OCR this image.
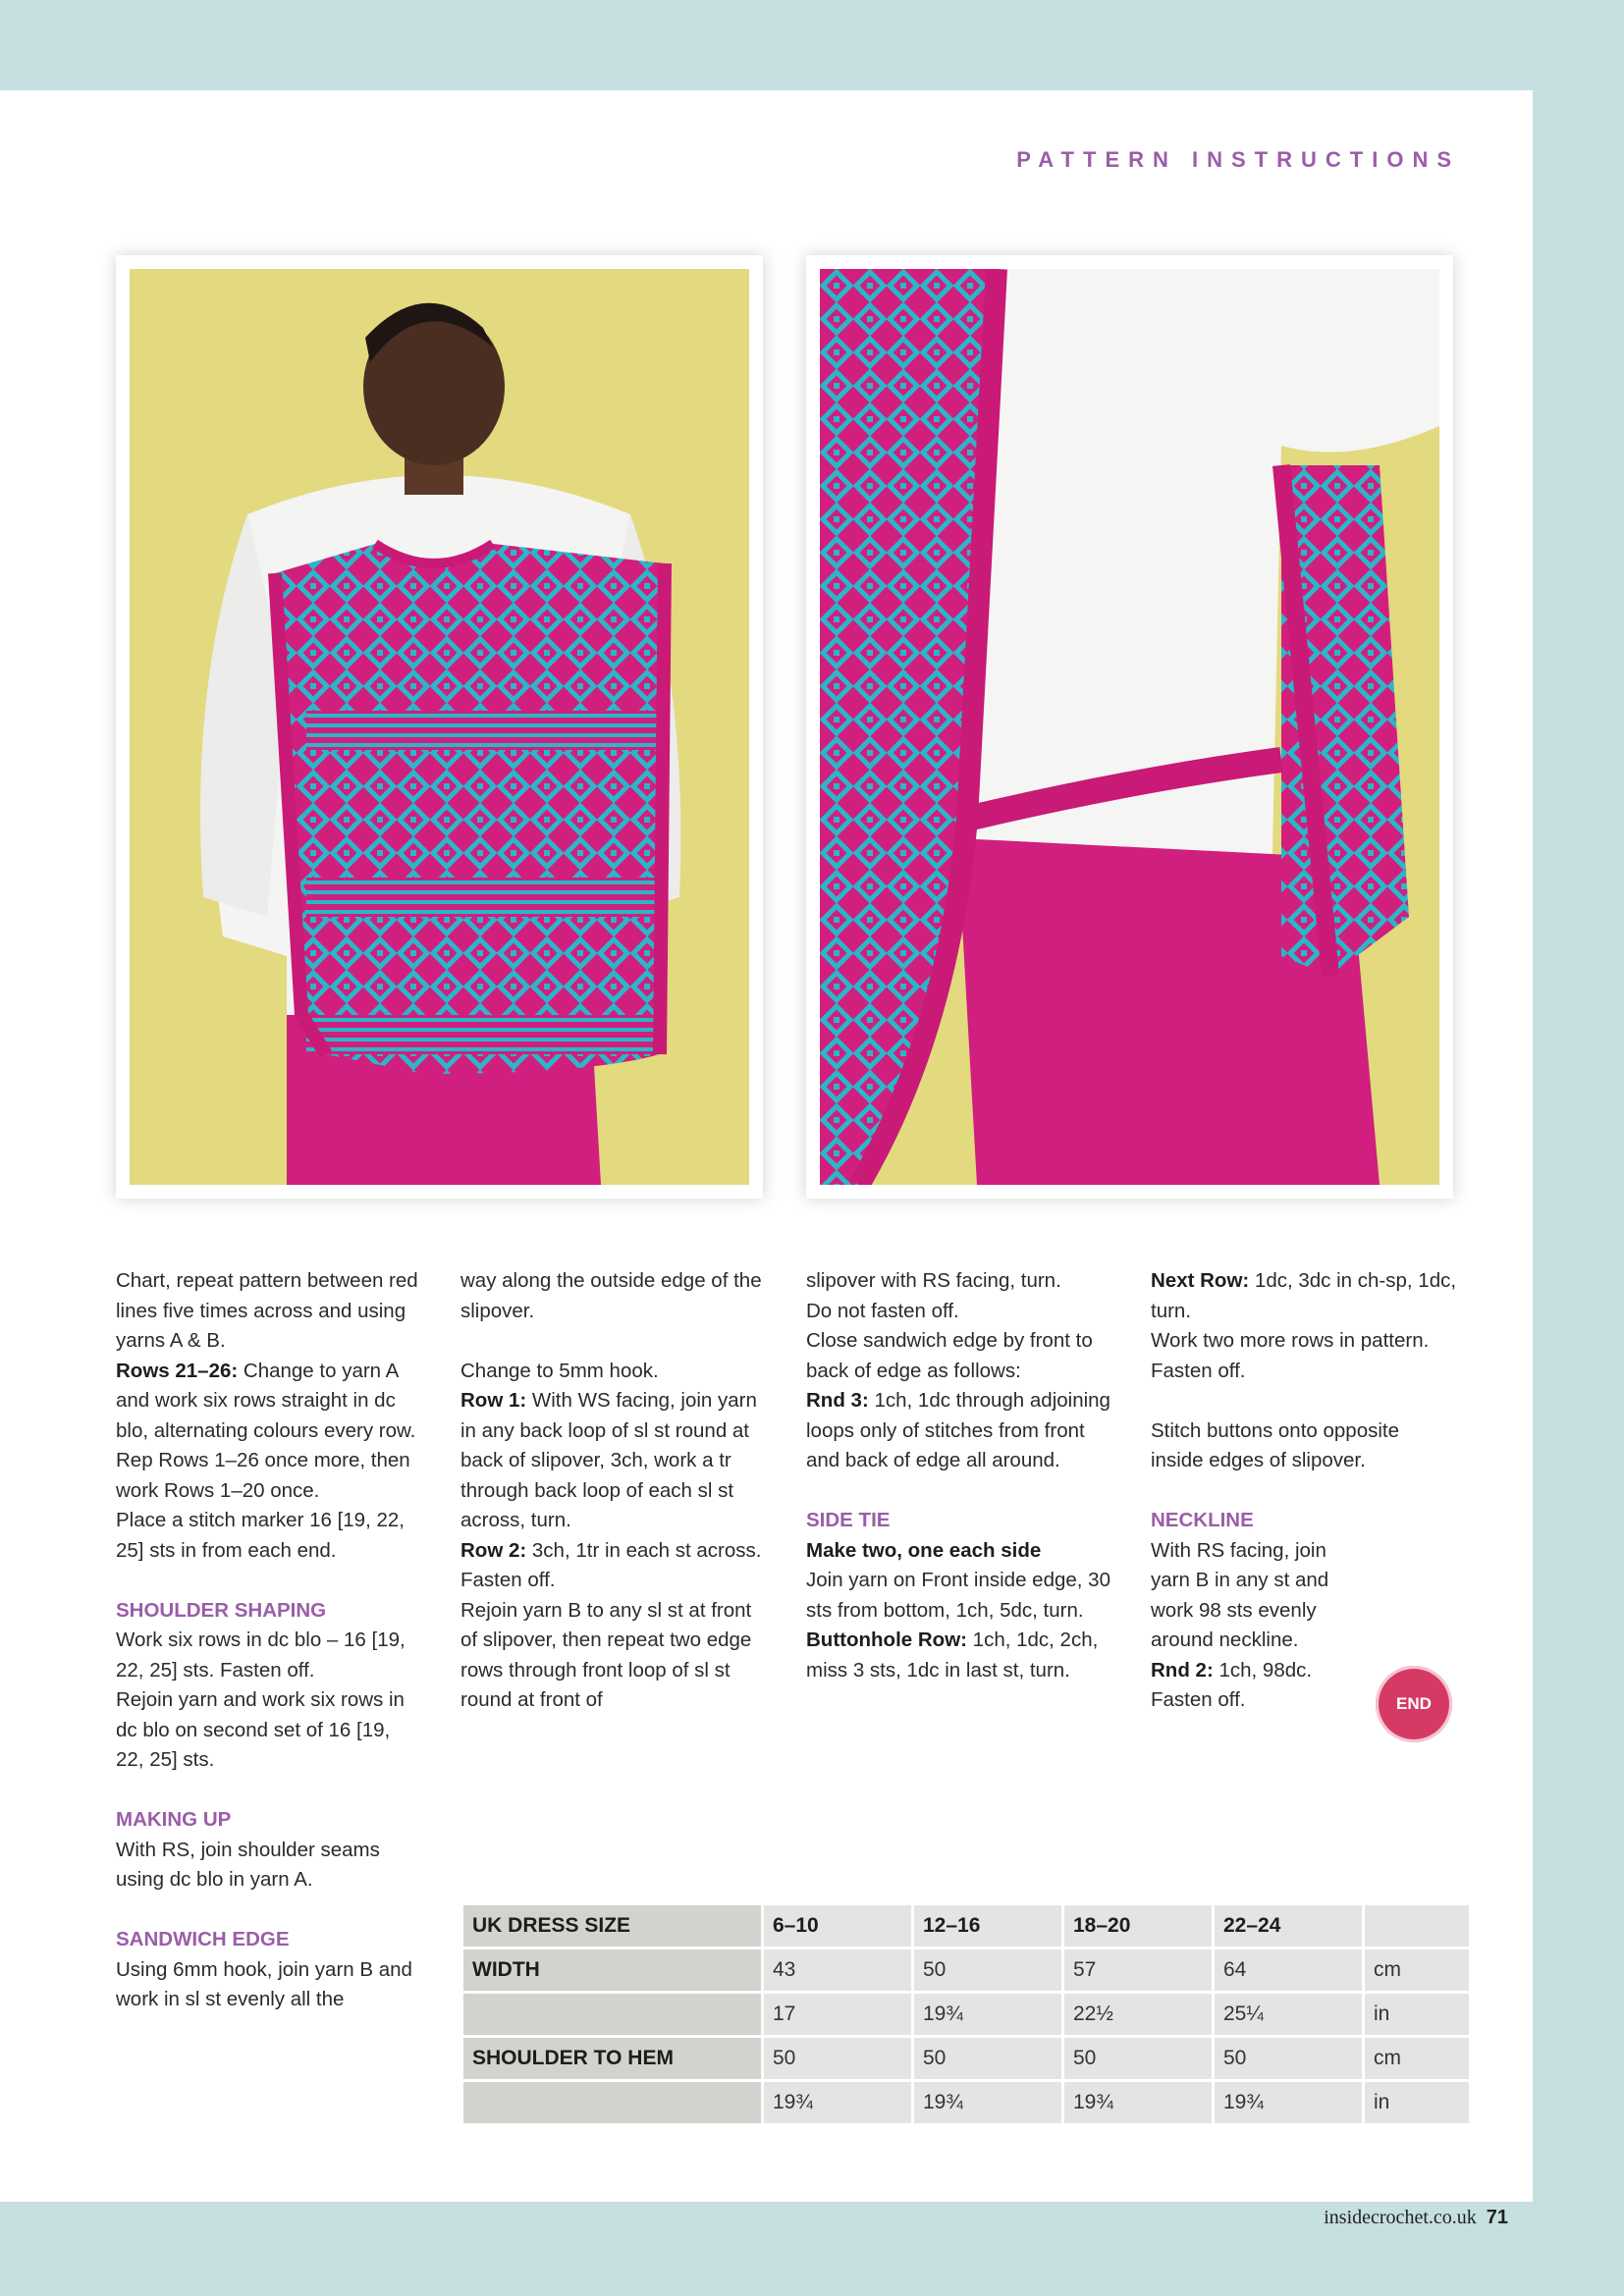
PATTERN INSTRUCTIONS

Chart, repeat pattern between red lines five times across and using yarns A & B.

Rows 21–26: Change to yarn A and work six rows straight in dc blo, alternating colours every row.

Rep Rows 1–26 once more, then work Rows 1–20 once.

Place a stitch marker 16 [19, 22, 25] sts in from each end.

SHOULDER SHAPING

Work six rows in dc blo – 16 [19, 22, 25] sts. Fasten off.

Rejoin yarn and work six rows in dc blo on second set of 16 [19, 22, 25] sts.

MAKING UP

With RS, join shoulder seams using dc blo in yarn A.

SANDWICH EDGE

Using 6mm hook, join yarn B and work in sl st evenly all the

way along the outside edge of the slipover.

Change to 5mm hook.

Row 1: With WS facing, join yarn in any back loop of sl st round at back of slipover, 3ch, work a tr through back loop of each sl st across, turn.

Row 2: 3ch, 1tr in each st across.

Fasten off.

Rejoin yarn B to any sl st at front of slipover, then repeat two edge rows through front loop of sl st round at front of

slipover with RS facing, turn.

Do not fasten off.

Close sandwich edge by front to back of edge as follows:

Rnd 3: 1ch, 1dc through adjoining loops only of stitches from front and back of edge all around.

SIDE TIE

Make two, one each side

Join yarn on Front inside edge, 30 sts from bottom, 1ch, 5dc, turn.

Buttonhole Row: 1ch, 1dc, 2ch, miss 3 sts, 1dc in last st, turn.

Next Row: 1dc, 3dc in ch-sp, 1dc, turn.

Work two more rows in pattern.

Fasten off.

Stitch buttons onto opposite inside edges of slipover.

NECKLINE

With RS facing, join yarn B in any st and work 98 sts evenly around neckline.

Rnd 2: 1ch, 98dc.

Fasten off.	END
UK DRESS SIZE	6–10	12–16	18–20	22–24	
WIDTH	43	50	57	64	cm
	17	19¾	22½	25¼	in
SHOULDER TO HEM	50	50	50	50	cm
	19¾	19¾	19¾	19¾	in
insidecrochet.co.uk 71
